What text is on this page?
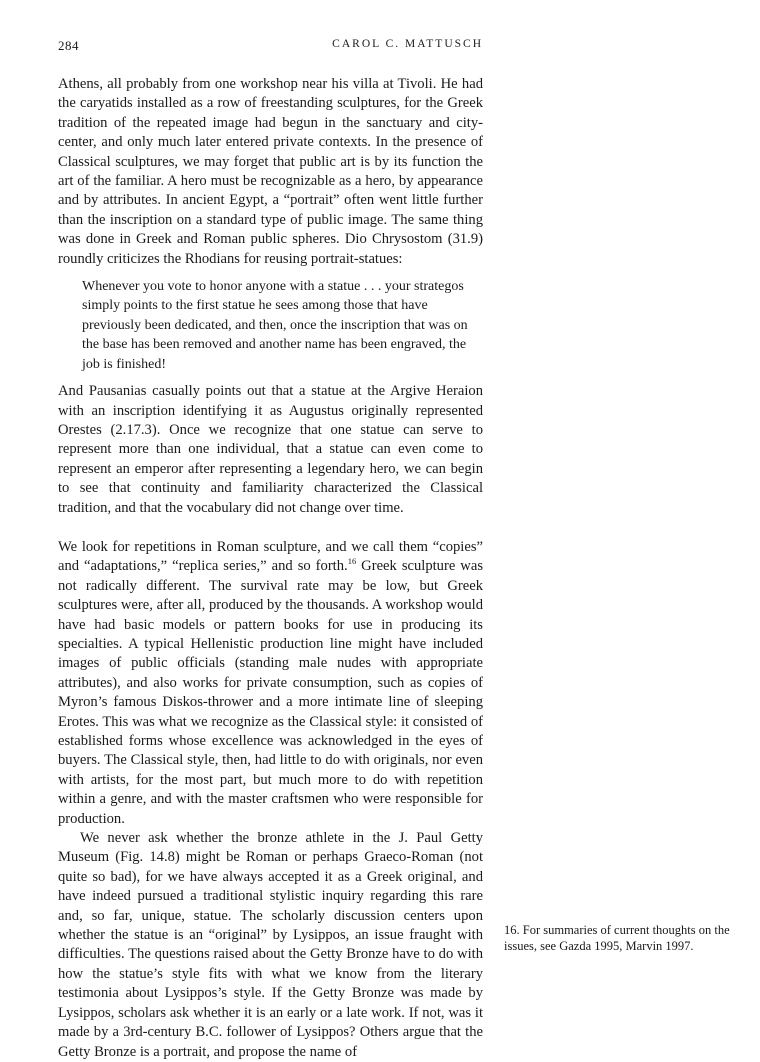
284	CAROL C. MATTUSCH

Athens, all probably from one workshop near his villa at Tivoli. He had the caryatids installed as a row of freestanding sculptures, for the Greek tradition of the repeated image had begun in the sanctuary and city-center, and only much later entered private contexts. In the presence of Classical sculptures, we may forget that public art is by its function the art of the familiar. A hero must be recognizable as a hero, by appearance and by attributes. In ancient Egypt, a “portrait” often went little further than the inscription on a standard type of public image. The same thing was done in Greek and Roman public spheres. Dio Chrysostom (31.9) roundly criticizes the Rhodians for reusing portrait-statues:

Whenever you vote to honor anyone with a statue . . . your strategos simply points to the first statue he sees among those that have previously been dedicated, and then, once the inscription that was on the base has been removed and another name has been engraved, the job is finished!

And Pausanias casually points out that a statue at the Argive Heraion with an inscription identifying it as Augustus originally represented Orestes (2.17.3). Once we recognize that one statue can serve to represent more than one individual, that a statue can even come to represent an emperor after representing a legendary hero, we can begin to see that continuity and familiarity characterized the Classical tradition, and that the vocabulary did not change over time.

We look for repetitions in Roman sculpture, and we call them “copies” and “adaptations,” “replica series,” and so forth.$^{16}$ Greek sculpture was not radically different. The survival rate may be low, but Greek sculptures were, after all, produced by the thousands. A workshop would have had basic models or pattern books for use in producing its specialties. A typical Hellenistic production line might have included images of public officials (standing male nudes with appropriate attributes), and also works for private consumption, such as copies of Myron’s famous Diskos-thrower and a more intimate line of sleeping Erotes. This was what we recognize as the Classical style: it consisted of established forms whose excellence was acknowledged in the eyes of buyers. The Classical style, then, had little to do with originals, nor even with artists, for the most part, but much more to do with repetition within a genre, and with the master craftsmen who were responsible for production.

We never ask whether the bronze athlete in the J. Paul Getty Museum (Fig. 14.8) might be Roman or perhaps Graeco-Roman (not quite so bad), for we have always accepted it as a Greek original, and have indeed pursued a traditional stylistic inquiry regarding this rare and, so far, unique, statue. The scholarly discussion centers upon whether the statue is an “original” by Lysippos, an issue fraught with difficulties. The questions raised about the Getty Bronze have to do with how the statue’s style fits with what we know from the literary testimonia about Lysippos’s style. If the Getty Bronze was made by Lysippos, scholars ask whether it is an early or a late work. If not, was it made by a 3rd-century B.C. follower of Lysippos? Others argue that the Getty Bronze is a portrait, and propose the name of

16. For summaries of current thoughts on the issues, see Gazda 1995, Marvin 1997.
